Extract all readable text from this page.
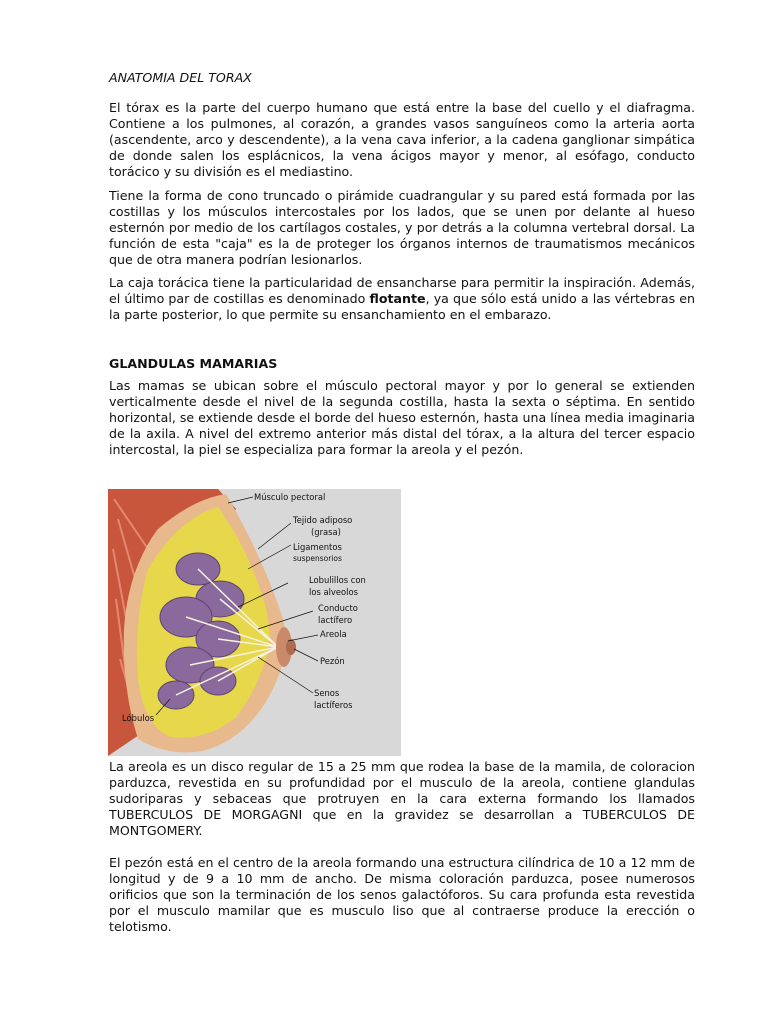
ANATOMIA DEL TORAX

El tórax es la parte del cuerpo humano que está entre la base del cuello y el diafragma. Contiene a los pulmones, al corazón, a grandes vasos sanguíneos como la arteria aorta (ascendente, arco y descendente), a la vena cava inferior, a la cadena ganglionar simpática de donde salen los esplácnicos, la vena ácigos mayor y menor, al esófago, conducto torácico y su división es el mediastino.

Tiene la forma de cono truncado o pirámide cuadrangular y su pared está formada por las costillas y los músculos intercostales por los lados, que se unen por delante al hueso esternón por medio de los cartílagos costales, y por detrás a la columna vertebral dorsal. La función de esta "caja" es la de proteger los órganos internos de traumatismos mecánicos que de otra manera podrían lesionarlos.

La caja torácica tiene la particularidad de ensancharse para permitir la inspiración. Además, el último par de costillas es denominado flotante, ya que sólo está unido a las vértebras en la parte posterior, lo que permite su ensanchamiento en el embarazo.

GLANDULAS MAMARIAS

Las mamas se ubican sobre el músculo pectoral mayor y por lo general se extienden verticalmente desde el nivel de la segunda costilla, hasta la sexta o séptima. En sentido horizontal, se extiende desde el borde del hueso esternón, hasta una línea media imaginaria de la axila. A nivel del extremo anterior más distal del tórax, a la altura del tercer espacio intercostal, la piel se especializa para formar la areola y el pezón.

Músculo pectoral
Tejido adiposo
(grasa)
Ligamentos
suspensorios
Lobulillos con
los alveolos
Conducto
lactífero
Areola
Pezón
Senos
lactíferos
Lóbulos

La areola es un disco regular de 15 a 25 mm que rodea la base de la mamila, de coloracion parduzca, revestida en su profundidad por el musculo de la areola, contiene glandulas sudoriparas y sebaceas que protruyen en la cara externa formando los llamados TUBERCULOS DE MORGAGNI que en la gravidez se desarrollan a TUBERCULOS DE MONTGOMERY.

El pezón está en el centro de la areola formando una estructura cilíndrica de 10 a 12 mm de longitud y de 9 a 10 mm de ancho. De misma coloración parduzca, posee numerosos orificios que son la terminación de los senos galactóforos. Su cara profunda esta revestida por el musculo mamilar que es musculo liso que al contraerse produce la erección o telotismo.
